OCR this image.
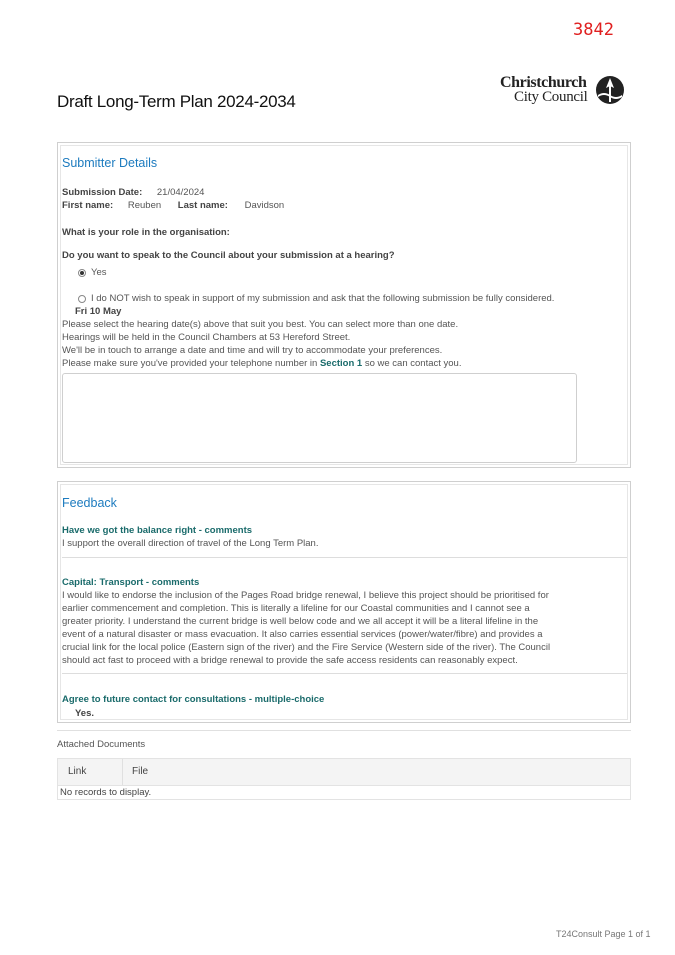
3842
Draft Long-Term Plan 2024-2034
Christchurch
City Council
Submitter Details
Submission Date: 21/04/2024
First name: Reuben Last name: Davidson
What is your role in the organisation:
Do you want to speak to the Council about your submission at a hearing?
Yes
I do NOT wish to speak in support of my submission and ask that the following submission be fully considered.
Fri 10 May
Please select the hearing date(s) above that suit you best. You can select more than one date.
Hearings will be held in the Council Chambers at 53 Hereford Street.
We'll be in touch to arrange a date and time and will try to accommodate your preferences.
Please make sure you've provided your telephone number in Section 1 so we can contact you.
Feedback
Have we got the balance right - comments
I support the overall direction of travel of the Long Term Plan.
Capital: Transport - comments
I would like to endorse the inclusion of the Pages Road bridge renewal, I believe this project should be prioritised for
earlier commencement and completion. This is literally a lifeline for our Coastal communities and I cannot see a
greater priority. I understand the current bridge is well below code and we all accept it will be a literal lifeline in the
event of a natural disaster or mass evacuation. It also carries essential services (power/water/fibre) and provides a
crucial link for the local police (Eastern sign of the river) and the Fire Service (Western side of the river). The Council
should act fast to proceed with a bridge renewal to provide the safe access residents can reasonably expect.
Agree to future contact for consultations - multiple-choice
Yes.
Attached Documents
Link	File
No records to display.
T24Consult Page 1 of 1
